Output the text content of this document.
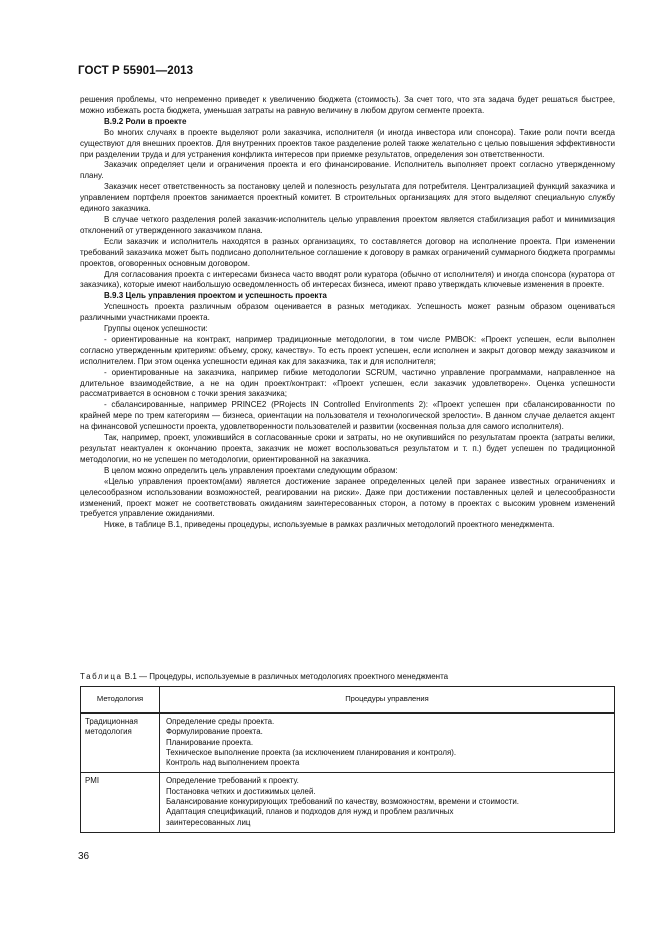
ГОСТ Р 55901—2013

решения проблемы, что непременно приведет к увеличению бюджета (стоимость). За счет того, что эта задача будет решаться быстрее, можно избежать роста бюджета, уменьшая затраты на равную величину в любом другом сегменте проекта.

B.9.2 Роли в проекте

Во многих случаях в проекте выделяют роли заказчика, исполнителя (и иногда инвестора или спонсора). Такие роли почти всегда существуют для внешних проектов. Для внутренних проектов такое разделение ролей также желательно с целью повышения эффективности при разделении труда и для устранения конфликта интересов при приемке результатов, определения зон ответственности.

Заказчик определяет цели и ограничения проекта и его финансирование. Исполнитель выполняет проект согласно утвержденному плану.

Заказчик несет ответственность за постановку целей и полезность результата для потребителя. Централизацией функций заказчика и управлением портфеля проектов занимается проектный комитет. В строительных организациях для этого выделяют специальную службу единого заказчика.

В случае четкого разделения ролей заказчик-исполнитель целью управления проектом является стабилизация работ и минимизация отклонений от утвержденного заказчиком плана.

Если заказчик и исполнитель находятся в разных организациях, то составляется договор на исполнение проекта. При изменении требований заказчика может быть подписано дополнительное соглашение к договору в рамках ограничений суммарного бюджета программы проектов, оговоренных основным договором.

Для согласования проекта с интересами бизнеса часто вводят роли куратора (обычно от исполнителя) и иногда спонсора (куратора от заказчика), которые имеют наибольшую осведомленность об интересах бизнеса, имеют право утверждать ключевые изменения в проекте.

B.9.3 Цель управления проектом и успешность проекта

Успешность проекта различным образом оценивается в разных методиках. Успешность может разным образом оцениваться различными участниками проекта.

Группы оценок успешности:

- ориентированные на контракт, например традиционные методологии, в том числе PMBOK: «Проект успешен, если выполнен согласно утвержденным критериям: объему, сроку, качеству». То есть проект успешен, если исполнен и закрыт договор между заказчиком и исполнителем. При этом оценка успешности единая как для заказчика, так и для исполнителя;

- ориентированные на заказчика, например гибкие методологии SCRUM, частично управление программами, направленное на длительное взаимодействие, а не на один проект/контракт: «Проект успешен, если заказчик удовлетворен». Оценка успешности рассматривается в основном с точки зрения заказчика;

- сбалансированные, например PRINCE2 (PRojects IN Controlled Environments 2): «Проект успешен при сбалансированности по крайней мере по трем категориям — бизнеса, ориентации на пользователя и технологической зрелости». В данном случае делается акцент на финансовой успешности проекта, удовлетворенности пользователей и развитии (косвенная польза для самого исполнителя).

Так, например, проект, уложившийся в согласованные сроки и затраты, но не окупившийся по результатам проекта (затраты велики, результат неактуален к окончанию проекта, заказчик не может воспользоваться результатом и т. п.) будет успешен по традиционной методологии, но не успешен по методологии, ориентированной на заказчика.

В целом можно определить цель управления проектами следующим образом:

«Целью управления проектом(ами) является достижение заранее определенных целей при заранее известных ограничениях и целесообразном использовании возможностей, реагировании на риски». Даже при достижении поставленных целей и целесообразности изменений, проект может не соответствовать ожиданиям заинтересованных сторон, а потому в проектах с высоким уровнем изменений требуется управление ожиданиями.

Ниже, в таблице В.1, приведены процедуры, используемые в рамках различных методологий проектного менеджмента.

Таблица В.1 — Процедуры, используемые в различных методологиях проектного менеджмента
Методология	Процедуры управления
Традиционная методология	Определение среды проекта.
Формулирование проекта.
Планирование проекта.
Техническое выполнение проекта (за исключением планирования и контроля).
Контроль над выполнением проекта

PMI	Определение требований к проекту.
Постановка четких и достижимых целей.
Балансирование конкурирующих требований по качеству, возможностям, времени и стоимости.
Адаптация спецификаций, планов и подходов для нужд и проблем различных
заинтересованных лиц
36
